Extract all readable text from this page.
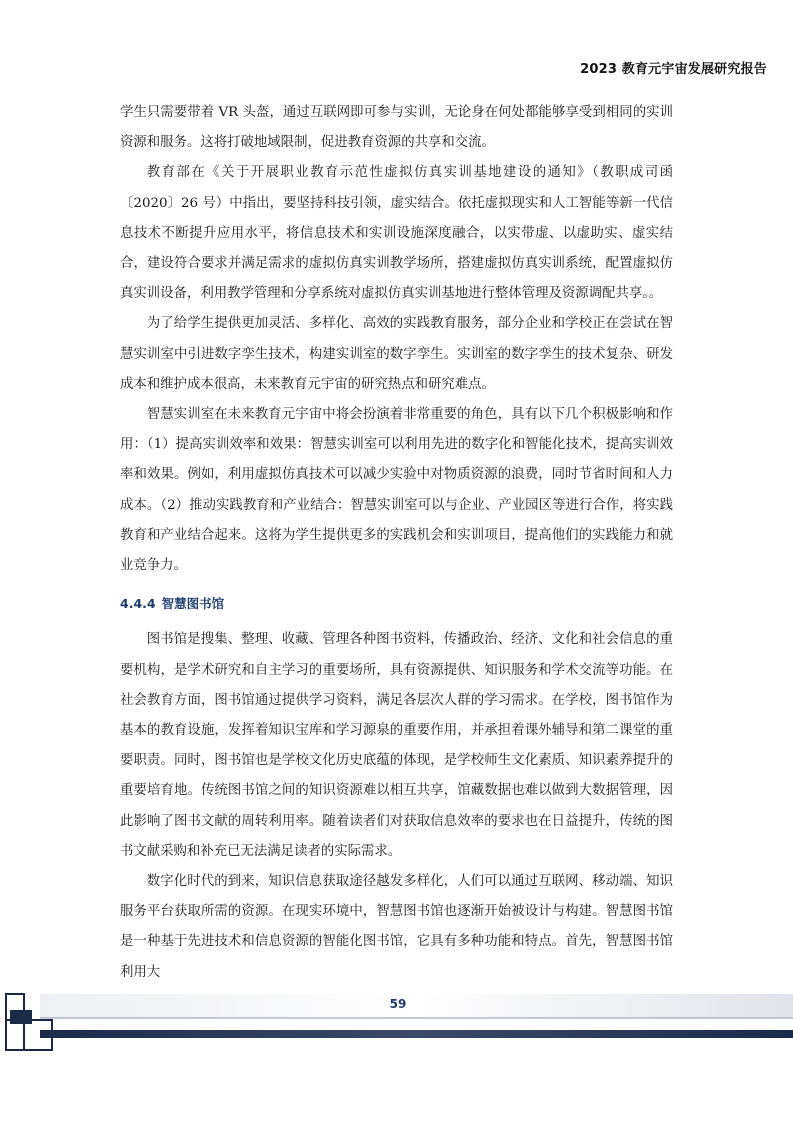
2023 教育元宇宙发展研究报告

学生只需要带着 VR 头盔，通过互联网即可参与实训，无论身在何处都能够享受到相同的实训资源和服务。这将打破地域限制，促进教育资源的共享和交流。

教育部在《关于开展职业教育示范性虚拟仿真实训基地建设的通知》（教职成司函〔2020〕26 号）中指出，要坚持科技引领，虚实结合。依托虚拟现实和人工智能等新一代信息技术不断提升应用水平，将信息技术和实训设施深度融合，以实带虚、以虚助实、虚实结合，建设符合要求并满足需求的虚拟仿真实训教学场所，搭建虚拟仿真实训系统，配置虚拟仿真实训设备，利用教学管理和分享系统对虚拟仿真实训基地进行整体管理及资源调配共享。。

为了给学生提供更加灵活、多样化、高效的实践教育服务，部分企业和学校正在尝试在智慧实训室中引进数字孪生技术，构建实训室的数字孪生。实训室的数字孪生的技术复杂、研发成本和维护成本很高，未来教育元宇宙的研究热点和研究难点。

智慧实训室在未来教育元宇宙中将会扮演着非常重要的角色，具有以下几个积极影响和作用：（1）提高实训效率和效果：智慧实训室可以利用先进的数字化和智能化技术，提高实训效率和效果。例如，利用虚拟仿真技术可以减少实验中对物质资源的浪费，同时节省时间和人力成本。（2）推动实践教育和产业结合：智慧实训室可以与企业、产业园区等进行合作，将实践教育和产业结合起来。这将为学生提供更多的实践机会和实训项目，提高他们的实践能力和就业竞争力。

4.4.4 智慧图书馆

图书馆是搜集、整理、收藏、管理各种图书资料，传播政治、经济、文化和社会信息的重要机构，是学术研究和自主学习的重要场所，具有资源提供、知识服务和学术交流等功能。在社会教育方面，图书馆通过提供学习资料，满足各层次人群的学习需求。在学校，图书馆作为基本的教育设施，发挥着知识宝库和学习源泉的重要作用，并承担着课外辅导和第二课堂的重要职责。同时，图书馆也是学校文化历史底蕴的体现，是学校师生文化素质、知识素养提升的重要培育地。传统图书馆之间的知识资源难以相互共享，馆藏数据也难以做到大数据管理，因此影响了图书文献的周转利用率。随着读者们对获取信息效率的要求也在日益提升，传统的图书文献采购和补充已无法满足读者的实际需求。

数字化时代的到来，知识信息获取途径越发多样化，人们可以通过互联网、移动端、知识服务平台获取所需的资源。在现实环境中，智慧图书馆也逐渐开始被设计与构建。智慧图书馆是一种基于先进技术和信息资源的智能化图书馆，它具有多种功能和特点。首先，智慧图书馆利用大

59
